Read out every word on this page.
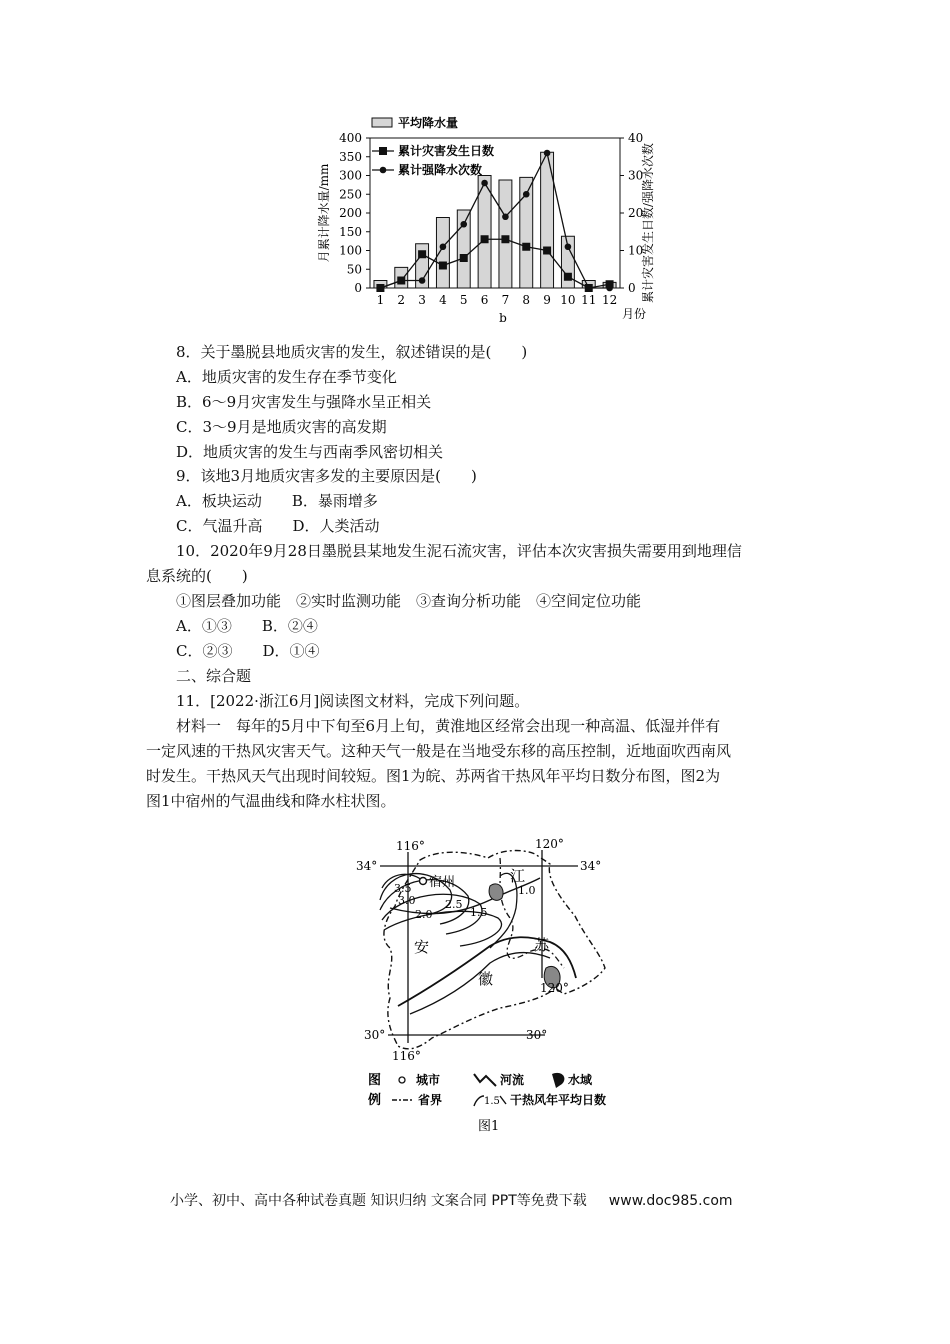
0
50
100
150
200
250
300
350
400
0
10
20
30
40
1 2 3 4 5 6 7 8 9 10 11 12
月份
b
月累计降水量/mm	累计灾害发生日数/强降水次数
平均降水量
累计灾害发生日数
累计强降水次数
8．关于墨脱县地质灾害的发生，叙述错误的是(　　)
A．地质灾害的发生存在季节变化
B．6～9月灾害发生与强降水呈正相关
C．3～9月是地质灾害的高发期
D．地质灾害的发生与西南季风密切相关
9．该地3月地质灾害多发的主要原因是(　　)
A．板块运动　　B．暴雨增多
C．气温升高　　D．人类活动
10．2020年9月28日墨脱县某地发生泥石流灾害，评估本次灾害损失需要用到地理信
息系统的(　　)
①图层叠加功能　②实时监测功能　③查询分析功能　④空间定位功能
A．①③　　B．②④
C．②③　　D．①④
二、综合题
11．[2022·浙江6月]阅读图文材料，完成下列问题。
材料一　每年的5月中下旬至6月上旬，黄淮地区经常会出现一种高温、低湿并伴有
一定风速的干热风灾害天气。这种天气一般是在当地受东移的高压控制，近地面吹西南风
时发生。干热风天气出现时间较短。图1为皖、苏两省干热风年平均日数分布图，图2为
图1中宿州的气温曲线和降水柱状图。
宿州
3.5
3.0	2.5
2.0	1.5
1.0
江
苏
安
徽
116°	120°
116°
120°
34°	34°
30°	30°
图
例
城市	河流	水域
省界	1.5 干热风年平均日数
图1
小学、初中、高中各种试卷真题 知识归纳 文案合同 PPT等免费下载 www.doc985.com
